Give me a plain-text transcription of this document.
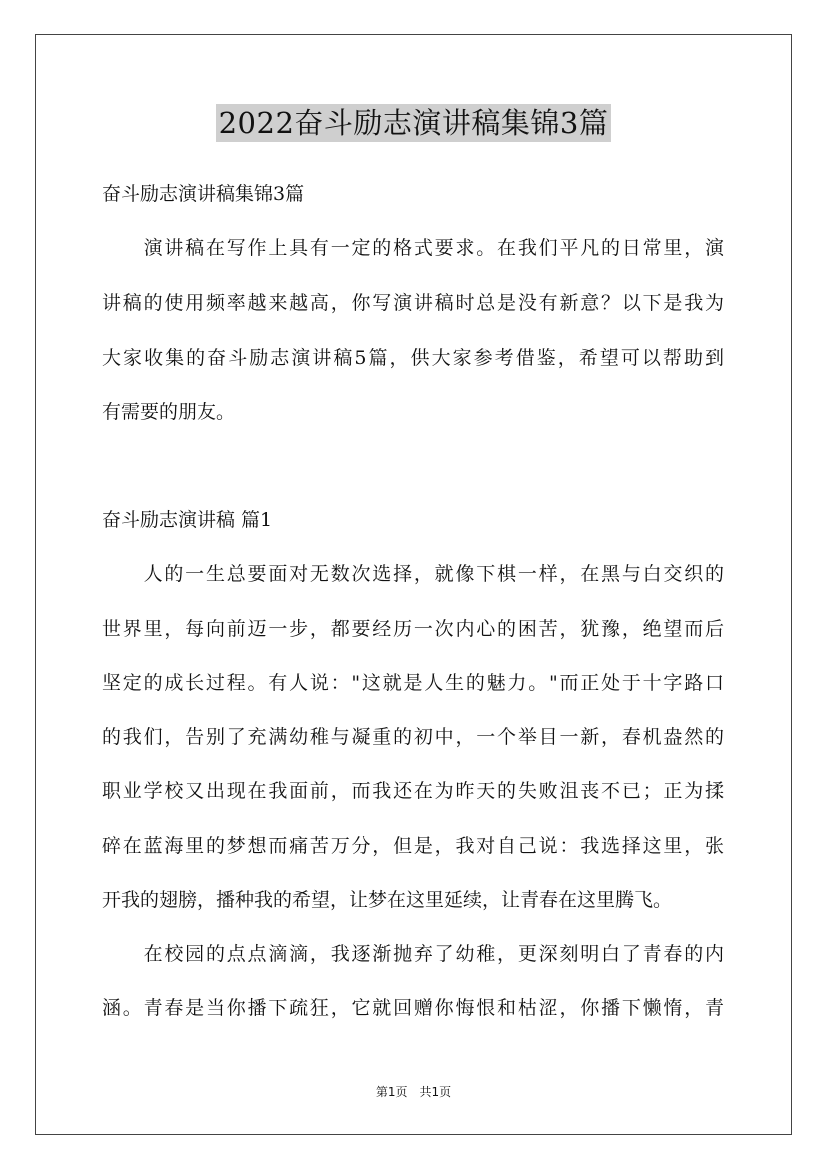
2022奋斗励志演讲稿集锦3篇
奋斗励志演讲稿集锦3篇
　　演讲稿在写作上具有一定的格式要求。在我们平凡的日常里，演
讲稿的使用频率越来越高，你写演讲稿时总是没有新意？以下是我为
大家收集的奋斗励志演讲稿5篇，供大家参考借鉴，希望可以帮助到
有需要的朋友。
奋斗励志演讲稿 篇1
　　人的一生总要面对无数次选择，就像下棋一样，在黑与白交织的
世界里，每向前迈一步，都要经历一次内心的困苦，犹豫，绝望而后
坚定的成长过程。有人说："这就是人生的魅力。"而正处于十字路口
的我们，告别了充满幼稚与凝重的初中，一个举目一新，春机盎然的
职业学校又出现在我面前，而我还在为昨天的失败沮丧不已；正为揉
碎在蓝海里的梦想而痛苦万分，但是，我对自己说：我选择这里，张
开我的翅膀，播种我的希望，让梦在这里延续，让青春在这里腾飞。
　　在校园的点点滴滴，我逐渐抛弃了幼稚，更深刻明白了青春的内
涵。青春是当你播下疏狂，它就回赠你悔恨和枯涩，你播下懒惰，青
第1页　共1页
